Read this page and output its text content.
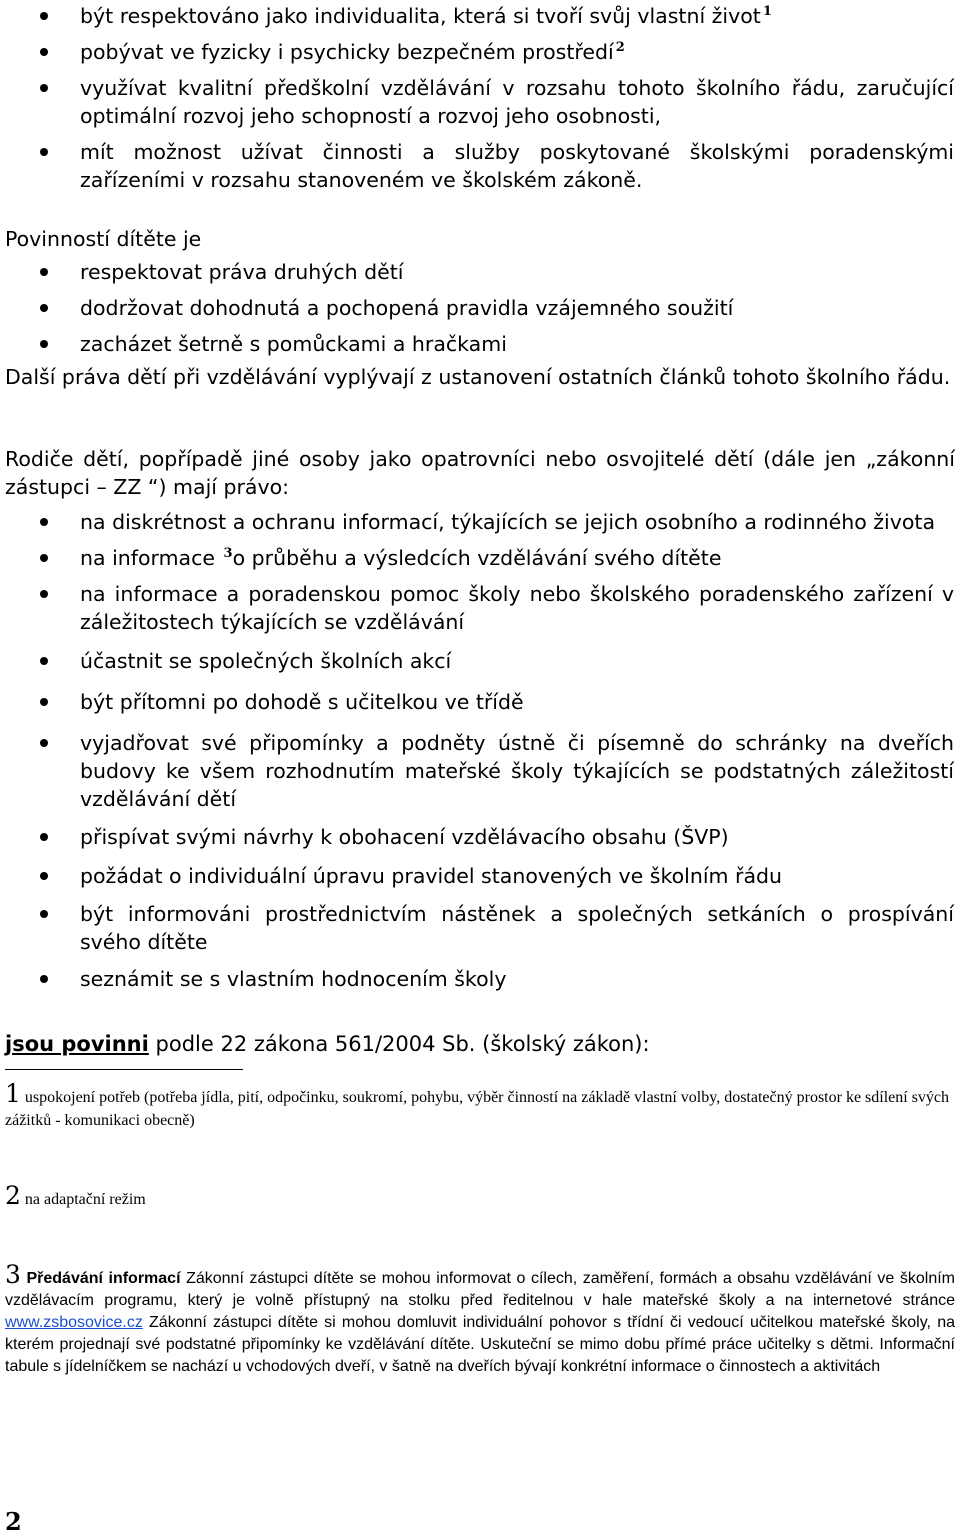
být respektováno jako individualita, která si tvoří svůj vlastní život $^1$
pobývat ve fyzicky i psychicky bezpečném prostředí $^2$
využívat kvalitní předškolní vzdělávání v rozsahu tohoto školního řádu, zaručující optimální rozvoj jeho schopností a rozvoj jeho osobnosti,
mít možnost užívat činnosti a služby poskytované školskými poradenskými zařízeními v rozsahu stanoveném ve školském zákoně.
Povinností dítěte je
respektovat práva druhých dětí
dodržovat dohodnutá a pochopená pravidla vzájemného soužití
zacházet šetrně s pomůckami a hračkami
Další práva dětí při vzdělávání vyplývají z ustanovení ostatních článků tohoto školního řádu.
Rodiče dětí, popřípadě jiné osoby jako opatrovníci nebo osvojitelé dětí (dále jen „zákonní zástupci – ZZ “) mají právo:
na diskrétnost a ochranu informací, týkajících se jejich osobního a rodinného života
na informace $^3$o průběhu a výsledcích vzdělávání svého dítěte
na informace a poradenskou pomoc školy nebo školského poradenského zařízení v záležitostech týkajících se vzdělávání
účastnit se společných školních akcí
být přítomni po dohodě s učitelkou ve třídě
vyjadřovat své připomínky a podněty ústně či písemně do schránky na dveřích budovy ke všem rozhodnutím mateřské školy týkajících se podstatných záležitostí vzdělávání dětí
přispívat svými návrhy k obohacení vzdělávacího obsahu (ŠVP)
požádat o individuální úpravu pravidel stanovených ve školním řádu
být informováni prostřednictvím nástěnek a společných setkáních o prospívání svého dítěte
seznámit se s vlastním hodnocením školy
jsou povinni podle 22 zákona 561/2004 Sb. (školský zákon):
1 uspokojení potřeb (potřeba jídla, pití, odpočinku, soukromí, pohybu, výběr činností na základě vlastní volby, dostatečný prostor ke sdílení svých zážitků - komunikaci obecně)
2 na adaptační režim
3 Předávání informací Zákonní zástupci dítěte se mohou informovat o cílech, zaměření, formách a obsahu vzdělávání ve školním vzdělávacím programu, který je volně přístupný na stolku před ředitelnou v hale mateřské školy a na internetové stránce www.zsbosovice.cz Zákonní zástupci dítěte si mohou domluvit individuální pohovor s třídní či vedoucí učitelkou mateřské školy, na kterém projednají své podstatné připomínky ke vzdělávání dítěte. Uskuteční se mimo dobu přímé práce učitelky s dětmi. Informační tabule s jídelníčkem se nachází u vchodových dveří, v šatně na dveřích bývají konkrétní informace o činnostech a aktivitách
2
